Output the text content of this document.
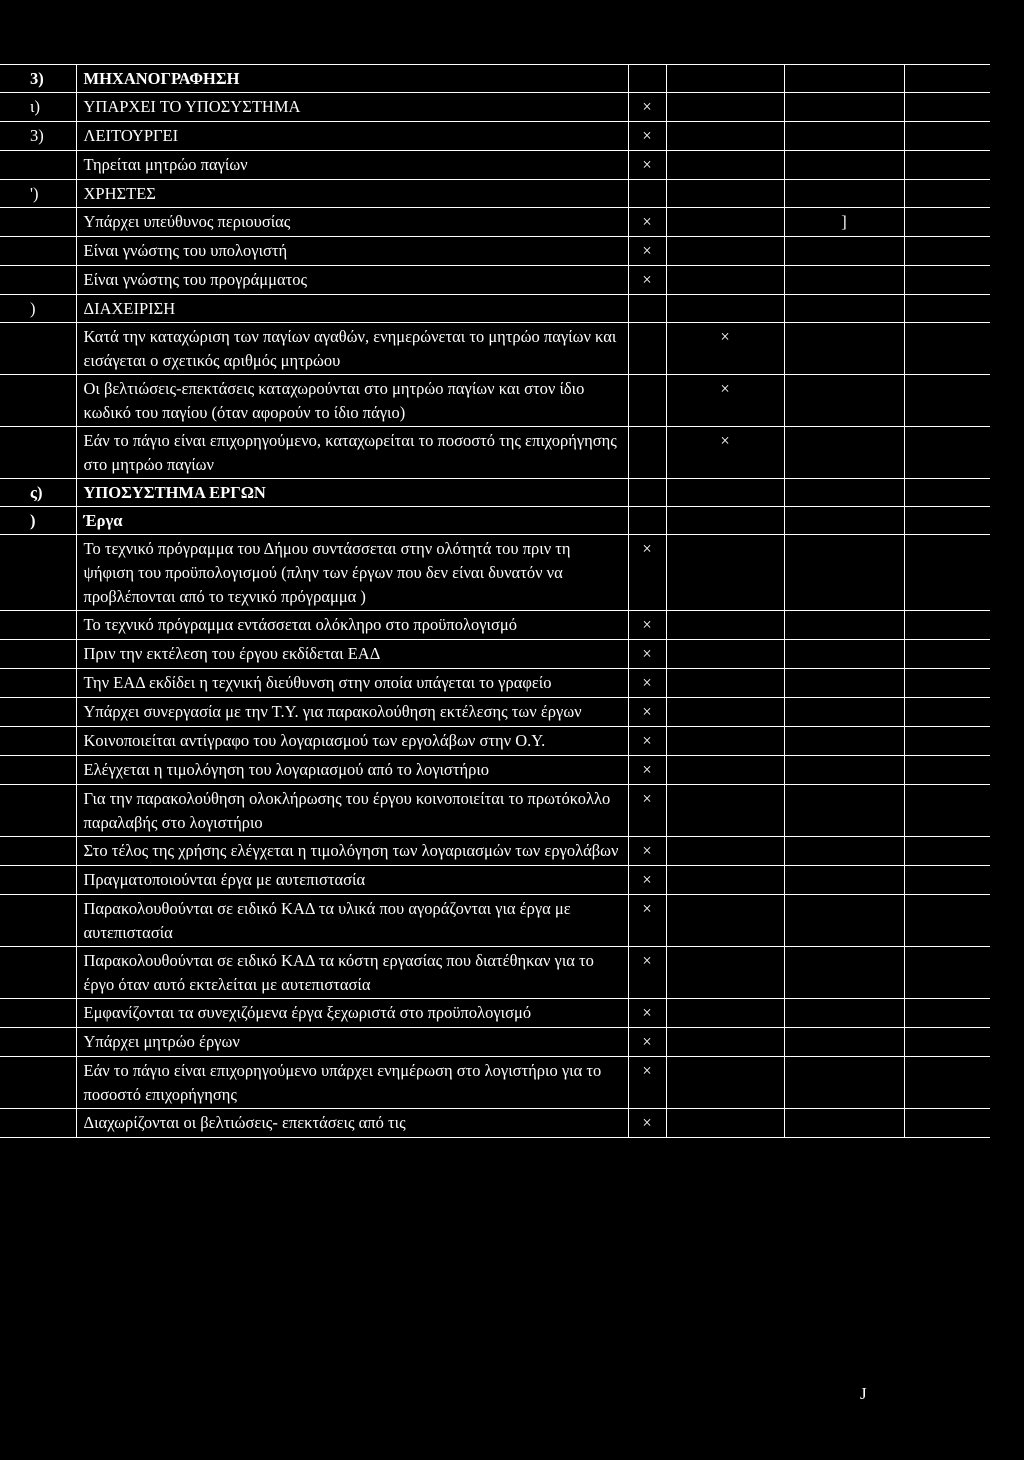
3)	ΜΗΧΑΝΟΓΡΑΦΗΣΗ				
ι)	ΥΠΑΡΧΕΙ ΤΟ ΥΠΟΣΥΣΤΗΜΑ	×			
3)	ΛΕΙΤΟΥΡΓΕΙ	×			
	Τηρείται μητρώο παγίων	×			
')	ΧΡΗΣΤΕΣ				
	Υπάρχει υπεύθυνος περιουσίας	×		]	
	Είναι γνώστης του υπολογιστή	×			
	Είναι γνώστης του προγράμματος	×			
)	ΔΙΑΧΕΙΡΙΣΗ				
	Κατά την καταχώριση των παγίων αγαθών, ενημερώνεται το μητρώο παγίων και εισάγεται ο σχετικός αριθμός μητρώου		×		
	Οι βελτιώσεις-επεκτάσεις καταχωρούνται στο μητρώο παγίων και στον ίδιο κωδικό του παγίου (όταν αφορούν το ίδιο πάγιο)		×		
	Εάν το πάγιο είναι επιχορηγούμενο, καταχωρείται το ποσοστό της επιχορήγησης στο μητρώο παγίων		×		
ς)	ΥΠΟΣΥΣΤΗΜΑ ΕΡΓΩΝ				
)	Έργα				
	Το τεχνικό πρόγραμμα του Δήμου συντάσσεται στην ολότητά του πριν τη ψήφιση του προϋπολογισμού (πλην των έργων που δεν είναι δυνατόν να προβλέπονται από το τεχνικό πρόγραμμα )	×			
	Το τεχνικό πρόγραμμα εντάσσεται ολόκληρο στο προϋπολογισμό	×			
	Πριν την εκτέλεση του έργου εκδίδεται ΕΑΔ	×			
	Την ΕΑΔ εκδίδει η τεχνική διεύθυνση στην οποία υπάγεται το γραφείο	×			
	Υπάρχει συνεργασία με την Τ.Υ. για παρακολούθηση εκτέλεσης των έργων	×			
	Κοινοποιείται αντίγραφο του λογαριασμού των εργολάβων στην Ο.Υ.	×			
	Ελέγχεται η τιμολόγηση του λογαριασμού από το λογιστήριο	×			
	Για την παρακολούθηση ολοκλήρωσης του έργου κοινοποιείται το πρωτόκολλο παραλαβής στο λογιστήριο	×			
	Στο τέλος της χρήσης ελέγχεται η τιμολόγηση των λογαριασμών των εργολάβων	×			
	Πραγματοποιούνται έργα με αυτεπιστασία	×			
	Παρακολουθούνται σε ειδικό ΚΑΔ τα υλικά που αγοράζονται για έργα με αυτεπιστασία	×			
	Παρακολουθούνται σε ειδικό ΚΑΔ τα κόστη εργασίας που διατέθηκαν για το έργο όταν αυτό εκτελείται με αυτεπιστασία	×			
	Εμφανίζονται τα συνεχιζόμενα έργα ξεχωριστά στο προϋπολογισμό	×			
	Υπάρχει μητρώο έργων	×			
	Εάν το πάγιο είναι επιχορηγούμενο υπάρχει ενημέρωση στο λογιστήριο για το ποσοστό επιχορήγησης	×			
	Διαχωρίζονται οι βελτιώσεις- επεκτάσεις από τις	×			
J
